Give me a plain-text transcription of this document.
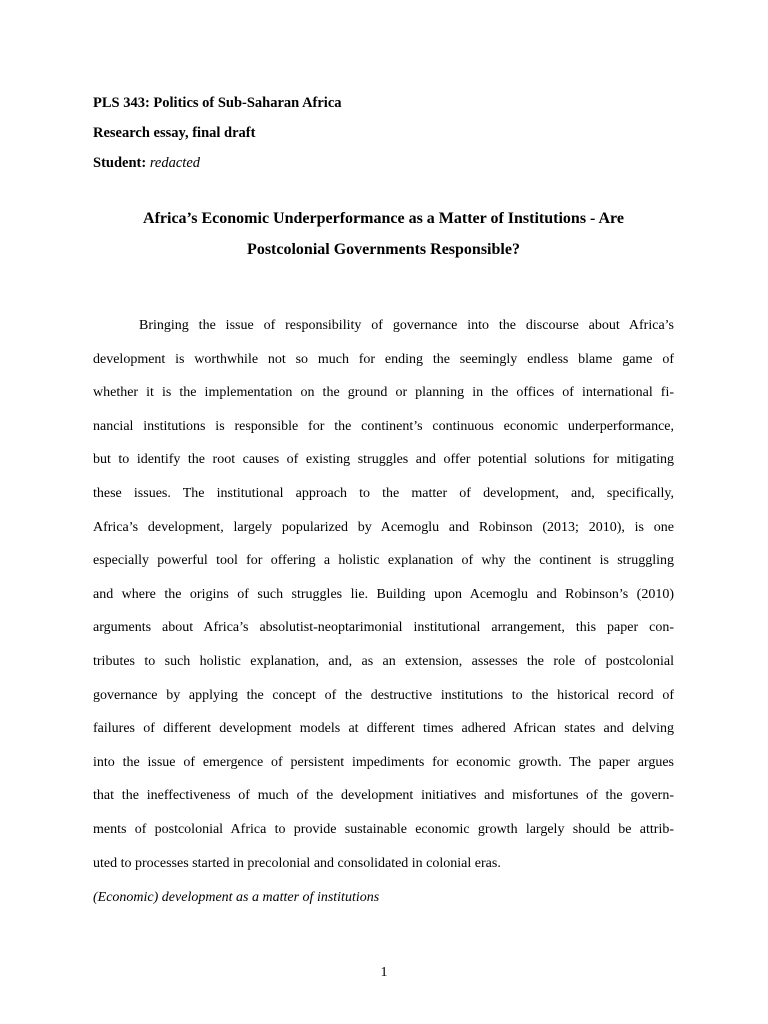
PLS 343: Politics of Sub-Saharan Africa
Research essay, final draft
Student: redacted
Africa’s Economic Underperformance as a Matter of Institutions - Are
Postcolonial Governments Responsible?
Bringing the issue of responsibility of governance into the discourse about Africa’s
development is worthwhile not so much for ending the seemingly endless blame game of
whether it is the implementation on the ground or planning in the offices of international fi-
nancial institutions is responsible for the continent’s continuous economic underperformance,
but to identify the root causes of existing struggles and offer potential solutions for mitigating
these issues. The institutional approach to the matter of development, and, specifically,
Africa’s development, largely popularized by Acemoglu and Robinson (2013; 2010), is one
especially powerful tool for offering a holistic explanation of why the continent is struggling
and where the origins of such struggles lie. Building upon Acemoglu and Robinson’s (2010)
arguments about Africa’s absolutist-neoptarimonial institutional arrangement, this paper con-
tributes to such holistic explanation, and, as an extension, assesses the role of postcolonial
governance by applying the concept of the destructive institutions to the historical record of
failures of different development models at different times adhered African states and delving
into the issue of emergence of persistent impediments for economic growth. The paper argues
that the ineffectiveness of much of the development initiatives and misfortunes of the govern-
ments of postcolonial Africa to provide sustainable economic growth largely should be attrib-
uted to processes started in precolonial and consolidated in colonial eras.
(Economic) development as a matter of institutions
1
